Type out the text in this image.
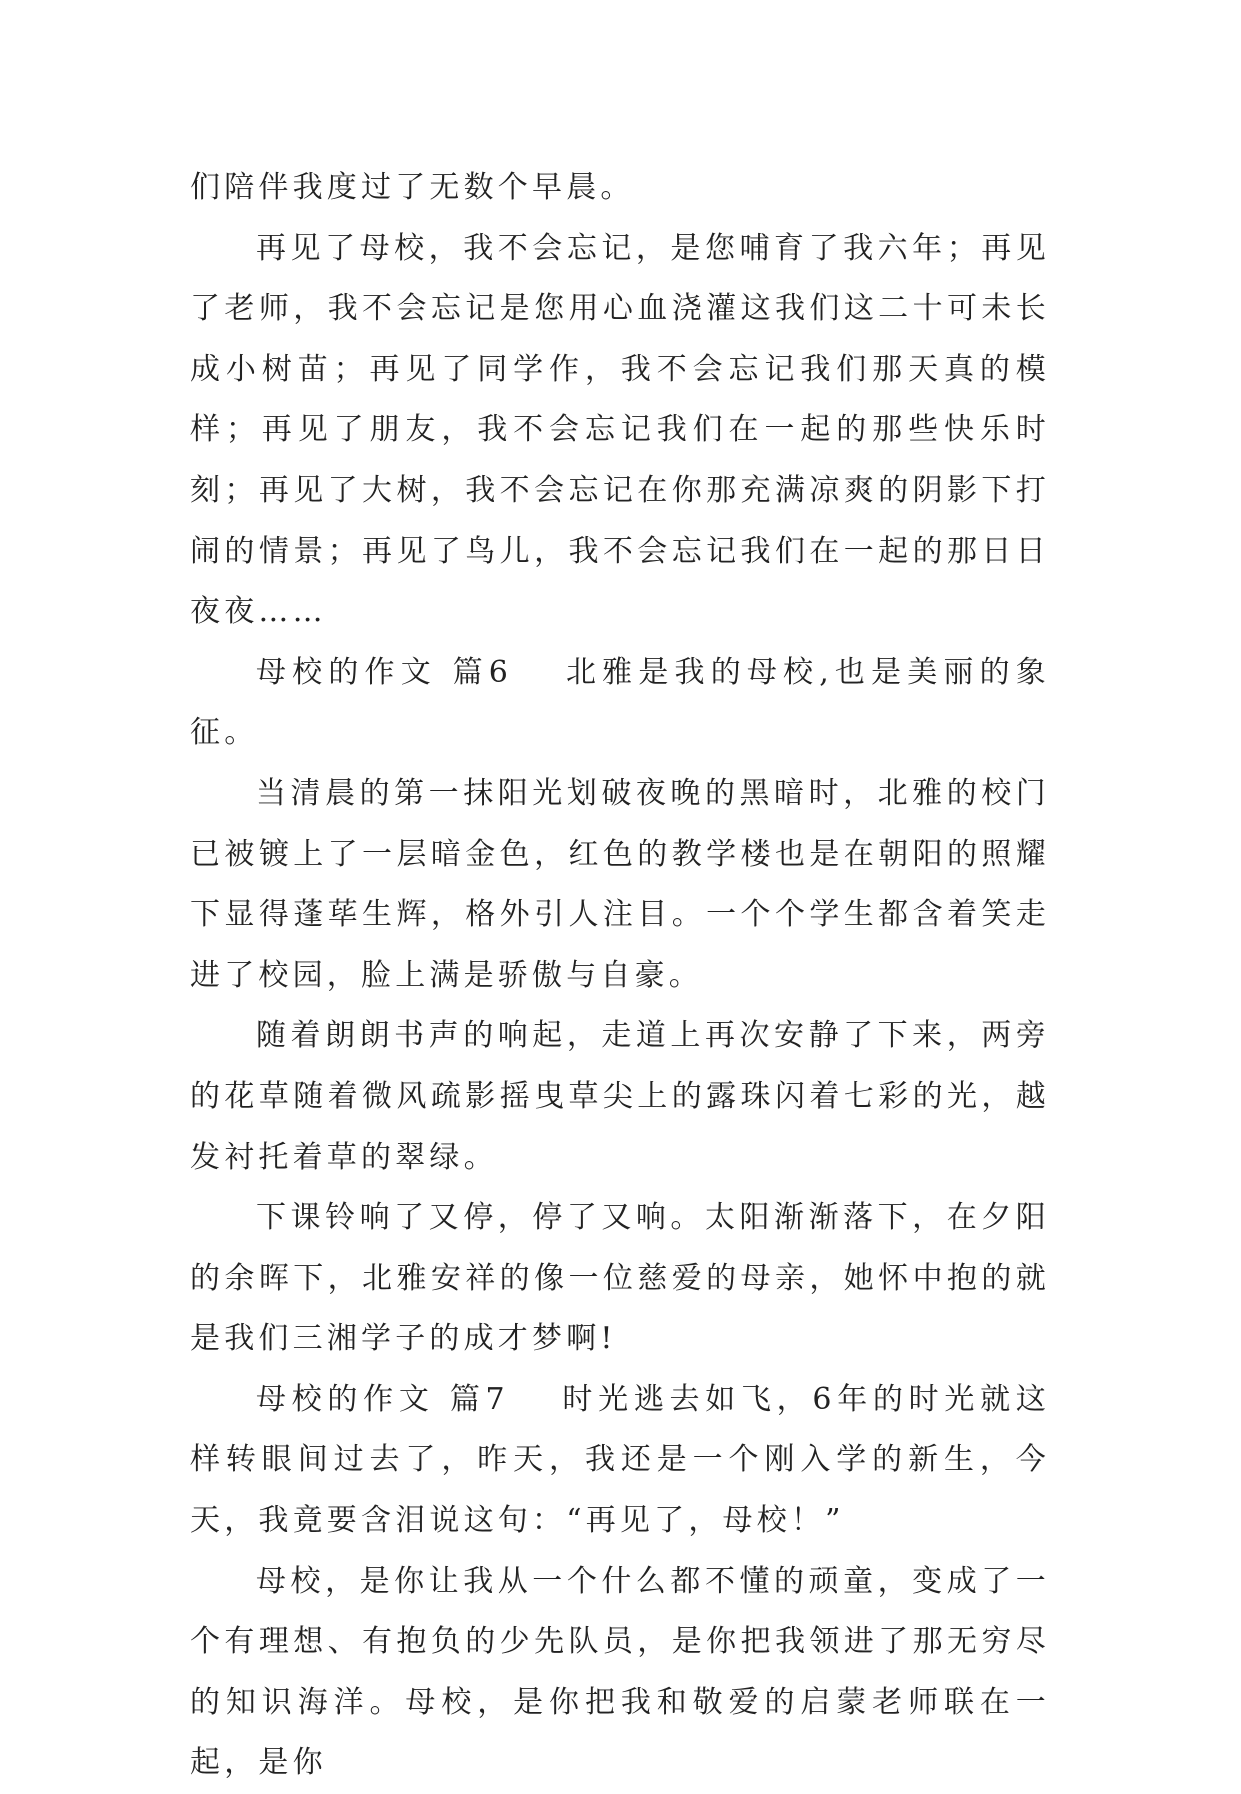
们陪伴我度过了无数个早晨。

再见了母校，我不会忘记，是您哺育了我六年；再见了老师，我不会忘记是您用心血浇灌这我们这二十可未长成小树苗；再见了同学作，我不会忘记我们那天真的模样；再见了朋友，我不会忘记我们在一起的那些快乐时刻；再见了大树，我不会忘记在你那充满凉爽的阴影下打闹的情景；再见了鸟儿，我不会忘记我们在一起的那日日夜夜……

母校的作文 篇6 北雅是我的母校,也是美丽的象征。

当清晨的第一抹阳光划破夜晚的黑暗时，北雅的校门已被镀上了一层暗金色，红色的教学楼也是在朝阳的照耀下显得蓬荜生辉，格外引人注目。一个个学生都含着笑走进了校园，脸上满是骄傲与自豪。

随着朗朗书声的响起，走道上再次安静了下来，两旁的花草随着微风疏影摇曳草尖上的露珠闪着七彩的光，越发衬托着草的翠绿。

下课铃响了又停，停了又响。太阳渐渐落下，在夕阳的余晖下，北雅安祥的像一位慈爱的母亲，她怀中抱的就是我们三湘学子的成才梦啊!

母校的作文 篇7 时光逃去如飞，6年的时光就这样转眼间过去了，昨天，我还是一个刚入学的新生，今天，我竟要含泪说这句：“再见了，母校！”

母校，是你让我从一个什么都不懂的顽童，变成了一个有理想、有抱负的少先队员，是你把我领进了那无穷尽的知识海洋。母校，是你把我和敬爱的启蒙老师联在一起，是你
